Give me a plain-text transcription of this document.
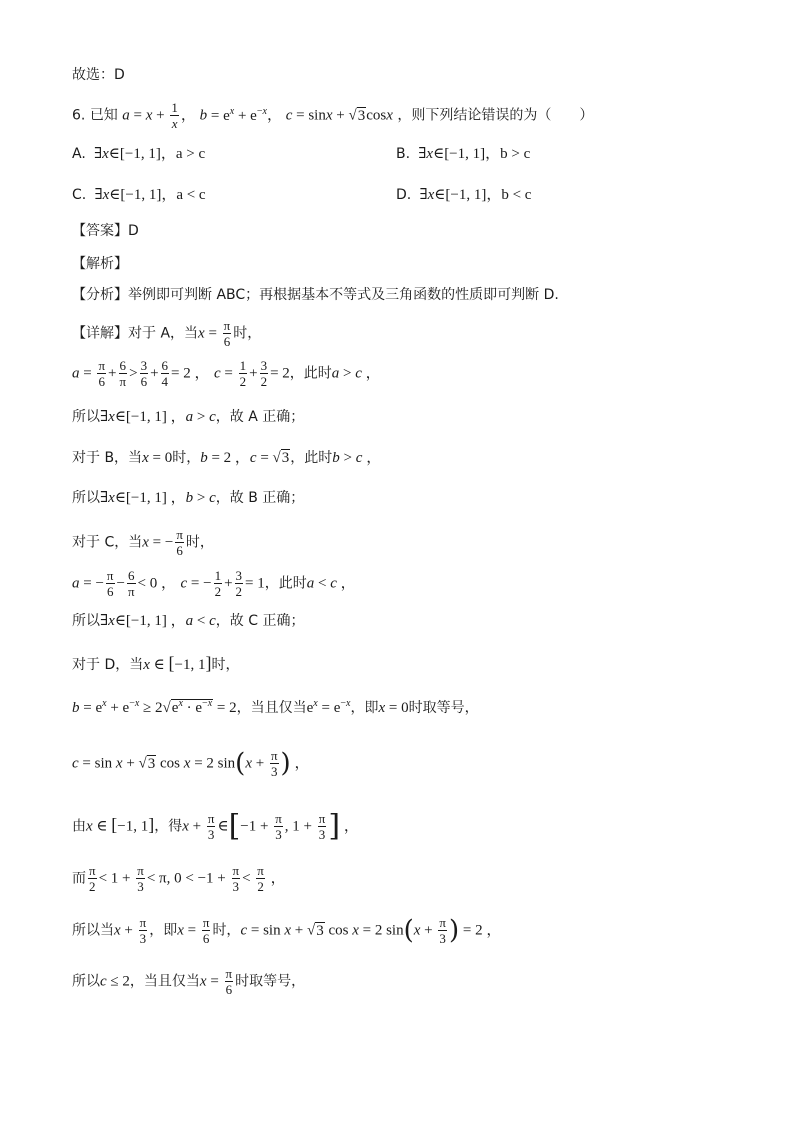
故选：D
6. 已知 $a = x + \frac{1}{x}$ ， $b = e^x + e^{-x}$， c = sinx + √3cosx ，则下列结论错误的为（　　）
A.  ∃x∈[−1, 1]，a > c	B.  ∃x∈[−1, 1]，b > c
C.  ∃x∈[−1, 1]，a < c	D.  ∃x∈[−1, 1]，b < c
【答案】D
【解析】
【分析】举例即可判断 ABC；再根据基本不等式及三角函数的性质即可判断 D.
【详解】对于 A，当$x = \frac{\pi}{6}$ 时，
$a = \frac{\pi}{6} + \frac{6}{\pi} > \frac{3}{6} + \frac{6}{4} = 2$ ， $c = \frac{1}{2} + \frac{3}{2} = 2$，此时a > c ，
所以∃x∈[−1, 1] ，a > c，故 A 正确；
对于 B，当x = 0时，b = 2 ，c = √3，此时b > c ，
所以∃x∈[−1, 1] ，b > c，故 B 正确；
对于 C，当x = − $\frac{\pi}{6}$ 时，
a = − $\frac{\pi}{6} - \frac{6}{\pi} < 0$ ， c = − $\frac{1}{2} + \frac{3}{2} = 1$，此时a < c ，
所以∃x∈[−1, 1] ，a < c，故 C 正确；
对于 D，当x ∈ [−1, 1]时，
$b = e^x + e^{-x} \ge 2√e^x \cdot e^{-x} = 2$，当且仅当$e^x = e^{-x}$，即x = 0时取等号，
c = sin x + √3 cos x = 2 $\sin(x + \frac{\pi}{3}$ ) ，
由x ∈ [−1, 1]，得$x + \frac{\pi}{3}$ ∈[−1 + $\frac{\pi}{3}$ , $1 + \frac{\pi}{3}$ ] ，
而 $\frac{\pi}{2} < 1 + \frac{\pi}{3} < \pi$, $0 < -1 + \frac{\pi}{3} < \frac{\pi}{2}$ ，
所以当$x + \frac{\pi}{3}$ ，即$x = \frac{\pi}{6}$ 时，c = sin x + √3 cos x = 2 $\sin(x + \frac{\pi}{3}$ ) = 2 ，
所以c ≤ 2，当且仅当$x = \frac{\pi}{6}$ 时取等号，
